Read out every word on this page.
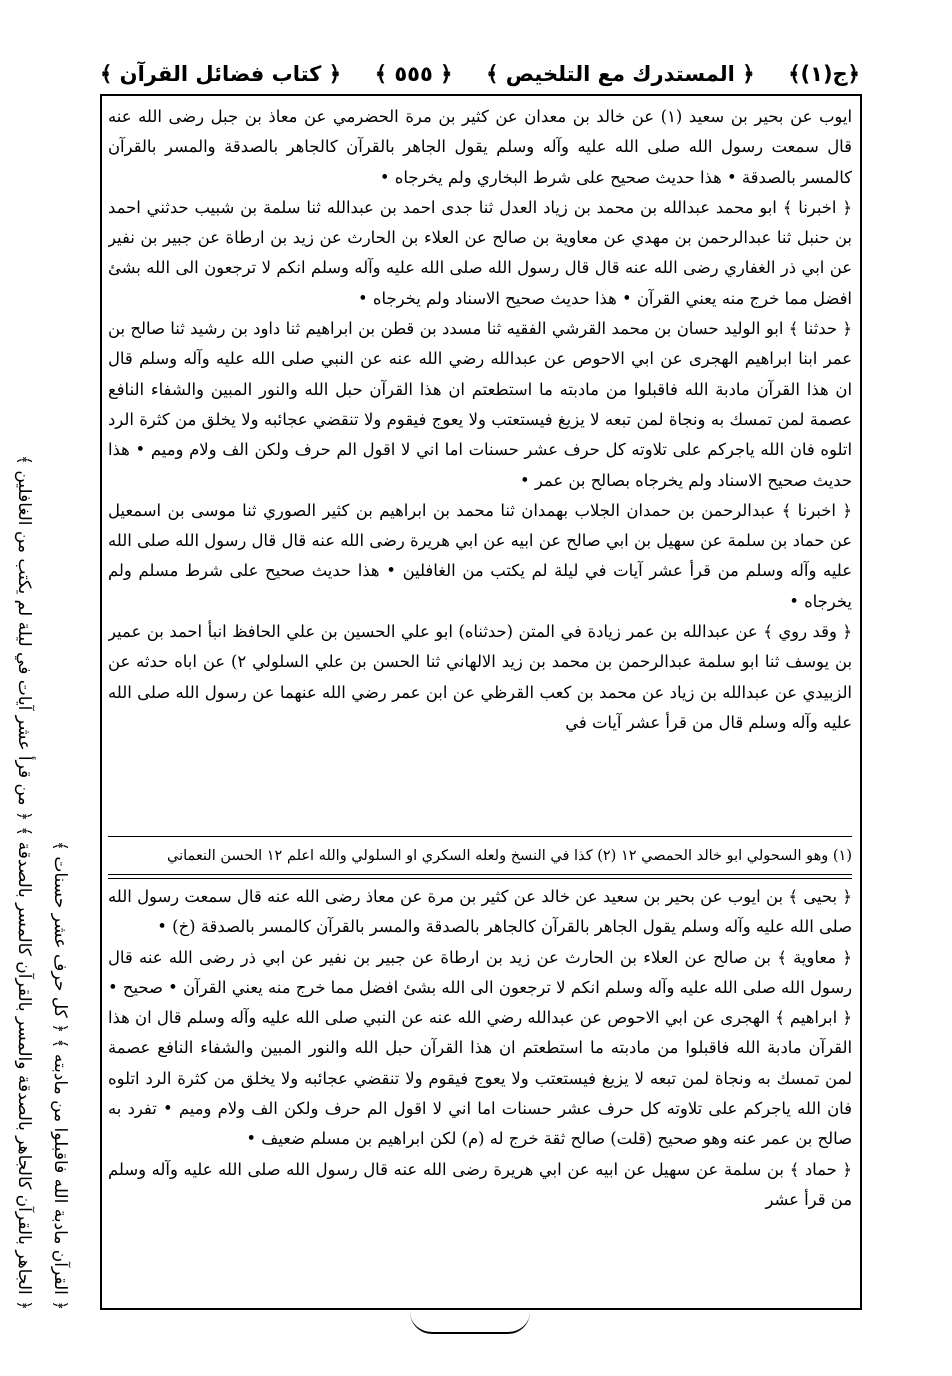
﴿ج(١)﴾
﴿ المستدرك مع التلخيص ﴾
﴿ ٥٥٥ ﴾
﴿ كتاب فضائل القرآن ﴾

ايوب عن بحير بن سعيد (١) عن خالد بن معدان عن كثير بن مرة الحضرمي عن معاذ بن جبل رضى الله عنه قال سمعت رسول الله صلى الله عليه وآله وسلم يقول الجاهر بالقرآن كالجاهر بالصدقة والمسر بالقرآن كالمسر بالصدقة • هذا حديث صحيح على شرط البخاري ولم يخرجاه •

﴿ اخبرنا ﴾ ابو محمد عبدالله بن محمد بن زياد العدل ثنا جدى احمد بن عبدالله ثنا سلمة بن شبيب حدثني احمد بن حنبل ثنا عبدالرحمن بن مهدي عن معاوية بن صالح عن العلاء بن الحارث عن زيد بن ارطاة عن جبير بن نفير عن ابي ذر الغفاري رضى الله عنه قال قال رسول الله صلى الله عليه وآله وسلم انكم لا ترجعون الى الله بشئ افضل مما خرج منه يعني القرآن • هذا حديث صحيح الاسناد ولم يخرجاه •

﴿ حدثنا ﴾ ابو الوليد حسان بن محمد القرشي الفقيه ثنا مسدد بن قطن بن ابراهيم ثنا داود بن رشيد ثنا صالح بن عمر ابنا ابراهيم الهجرى عن ابي الاحوص عن عبدالله رضي الله عنه عن النبي صلى الله عليه وآله وسلم قال ان هذا القرآن مادبة الله فاقبلوا من مادبته ما استطعتم ان هذا القرآن حبل الله والنور المبين والشفاء النافع عصمة لمن تمسك به ونجاة لمن تبعه لا يزيغ فيستعتب ولا يعوج فيقوم ولا تنقضي عجائبه ولا يخلق من كثرة الرد اتلوه فان الله ياجركم على تلاوته كل حرف عشر حسنات اما اني لا اقول الم حرف ولكن الف ولام وميم • هذا حديث صحيح الاسناد ولم يخرجاه بصالح بن عمر •

﴿ اخبرنا ﴾ عبدالرحمن بن حمدان الجلاب بهمدان ثنا محمد بن ابراهيم بن كثير الصوري ثنا موسى بن اسمعيل عن حماد بن سلمة عن سهيل بن ابي صالح عن ابيه عن ابي هريرة رضى الله عنه قال قال رسول الله صلى الله عليه وآله وسلم من قرأ عشر آيات في ليلة لم يكتب من الغافلين • هذا حديث صحيح على شرط مسلم ولم يخرجاه •

﴿ وقد روي ﴾ عن عبدالله بن عمر زيادة في المتن (حدثناه) ابو علي الحسين بن علي الحافظ انبأ احمد بن عمير بن يوسف ثنا ابو سلمة عبدالرحمن بن محمد بن زيد الالهاني ثنا الحسن بن علي السلولي ٢) عن اباه حدثه عن الزبيدي عن عبدالله بن زياد عن محمد بن كعب القرظي عن ابن عمر رضي الله عنهما عن رسول الله صلى الله عليه وآله وسلم قال من قرأ عشر آيات في

(١) وهو السحولي ابو خالد الحمصي ١٢ (٢) كذا في النسخ ولعله السكري او السلولي والله اعلم ١٢ الحسن النعماني

﴿ بحيى ﴾ بن ايوب عن بحير بن سعيد عن خالد عن كثير بن مرة عن معاذ رضى الله عنه قال سمعت رسول الله صلى الله عليه وآله وسلم يقول الجاهر بالقرآن كالجاهر بالصدقة والمسر بالقرآن كالمسر بالصدقة (خ) •

﴿ معاوية ﴾ بن صالح عن العلاء بن الحارث عن زيد بن ارطاة عن جبير بن نفير عن ابي ذر رضى الله عنه قال رسول الله صلى الله عليه وآله وسلم انكم لا ترجعون الى الله بشئ افضل مما خرج منه يعني القرآن • صحيح •

﴿ ابراهيم ﴾ الهجرى عن ابي الاحوص عن عبدالله رضي الله عنه عن النبي صلى الله عليه وآله وسلم قال ان هذا القرآن مادبة الله فاقبلوا من مادبته ما استطعتم ان هذا القرآن حبل الله والنور المبين والشفاء النافع عصمة لمن تمسك به ونجاة لمن تبعه لا يزيغ فيستعتب ولا يعوج فيقوم ولا تنقضي عجائبه ولا يخلق من كثرة الرد اتلوه فان الله ياجركم على تلاوته كل حرف عشر حسنات اما اني لا اقول الم حرف ولكن الف ولام وميم • تفرد به صالح بن عمر عنه وهو صحيح (قلت) صالح ثقة خرج له (م) لكن ابراهيم بن مسلم ضعيف •

﴿ حماد ﴾ بن سلمة عن سهيل عن ابيه عن ابي هريرة رضى الله عنه قال رسول الله صلى الله عليه وآله وسلم من قرأ عشر

﴿ الجاهر بالقرآن كالجاهر بالصدقة والمسر بالقرآن كالمسر بالصدقة ﴾ ﴿ من قرأ عشر آيات في ليلة لم يكتب من الغافلين ﴾ ﴿ القرآن مادبة الله فاقبلوا من مادبته ﴾ ﴿ كل حرف عشر حسنات ﴾
